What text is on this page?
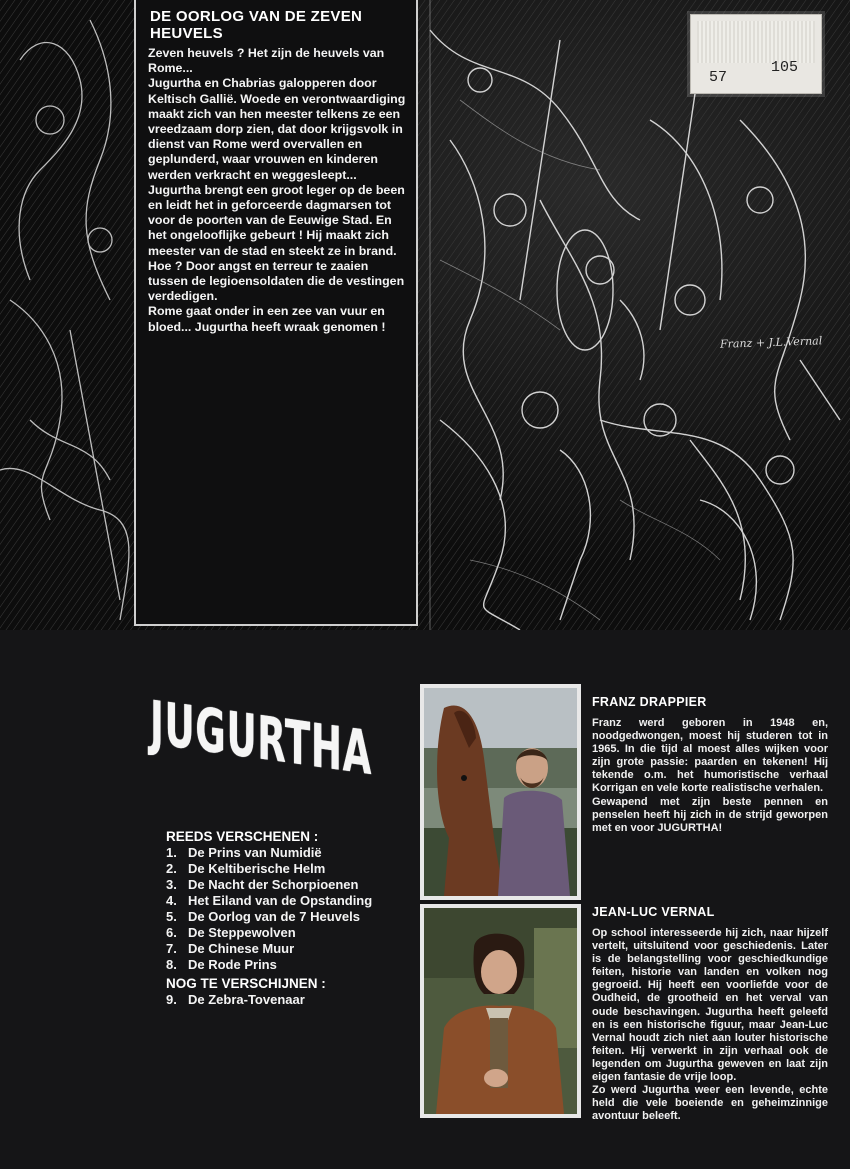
DE OORLOG VAN DE ZEVEN HEUVELS

Zeven heuvels ? Het zijn de heuvels van Rome...
Jugurtha en Chabrias galopperen door Keltisch Gallië. Woede en verontwaardiging maakt zich van hen meester telkens ze een vreedzaam dorp zien, dat door krijgsvolk in dienst van Rome werd overvallen en geplunderd, waar vrouwen en kinderen werden verkracht en weggesleept...
Jugurtha brengt een groot leger op de been en leidt het in geforceerde dagmarsen tot voor de poorten van de Eeuwige Stad. En het ongelooflijke gebeurt ! Hij maakt zich meester van de stad en steekt ze in brand. Hoe ? Door angst en terreur te zaaien tussen de legioensoldaten die de vestingen verdedigen.
Rome gaat onder in een zee van vuur en bloed... Jugurtha heeft wraak genomen !

57
105
Franz + J.L.Vernal
JUGURTHA
REEDS VERSCHENEN :
1. De Prins van Numidië
2. De Keltiberische Helm
3. De Nacht der Schorpioenen
4. Het Eiland van de Opstanding
5. De Oorlog van de 7 Heuvels
6. De Steppewolven
7. De Chinese Muur
8. De Rode Prins
NOG TE VERSCHIJNEN :
9. De Zebra-Tovenaar
FRANZ DRAPPIER

Franz werd geboren in 1948 en, noodgedwongen, moest hij studeren tot in 1965. In die tijd al moest alles wijken voor zijn grote passie: paarden en tekenen! Hij tekende o.m. het humoristische verhaal Korrigan en vele korte realistische verhalen.
Gewapend met zijn beste pennen en penselen heeft hij zich in de strijd geworpen met en voor JUGURTHA!

JEAN-LUC VERNAL

Op school interesseerde hij zich, naar hijzelf vertelt, uitsluitend voor geschiedenis. Later is de belangstelling voor geschiedkundige feiten, historie van landen en volken nog gegroeid. Hij heeft een voorliefde voor de Oudheid, de grootheid en het verval van oude beschavingen. Jugurtha heeft geleefd en is een historische figuur, maar Jean-Luc Vernal houdt zich niet aan louter historische feiten. Hij verwerkt in zijn verhaal ook de legenden om Jugurtha geweven en laat zijn eigen fantasie de vrije loop.
Zo werd Jugurtha weer een levende, echte held die vele boeiende en geheimzinnige avontuur beleeft.
